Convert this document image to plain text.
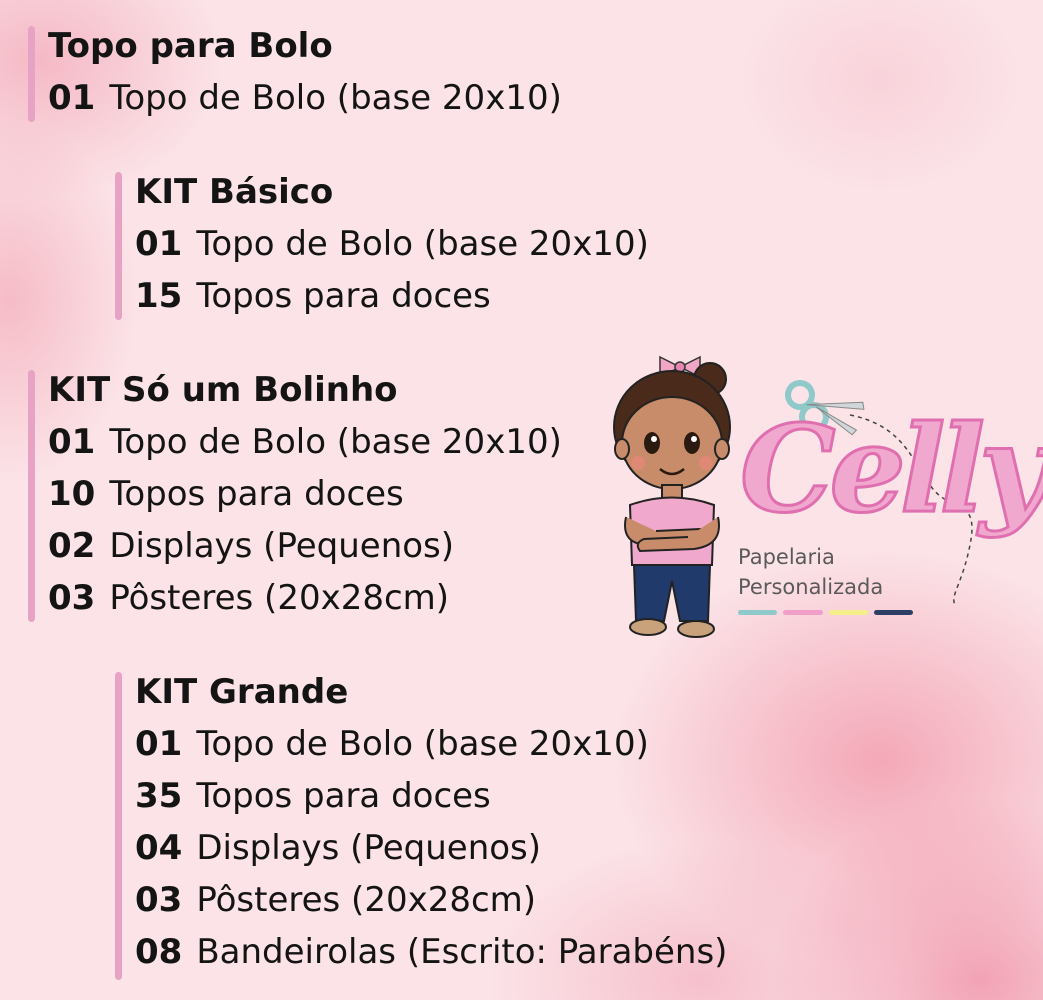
Topo para Bolo
01 Topo de Bolo (base 20x10)
KIT Básico
01 Topo de Bolo (base 20x10)
15 Topos para doces
KIT Só um Bolinho
01 Topo de Bolo (base 20x10)
10 Topos para doces
02 Displays (Pequenos)
03 Pôsteres (20x28cm)
KIT Grande
01 Topo de Bolo (base 20x10)
35 Topos para doces
04 Displays (Pequenos)
03 Pôsteres (20x28cm)
08 Bandeirolas (Escrito: Parabéns)
Celly
Papelaria
Personalizada
